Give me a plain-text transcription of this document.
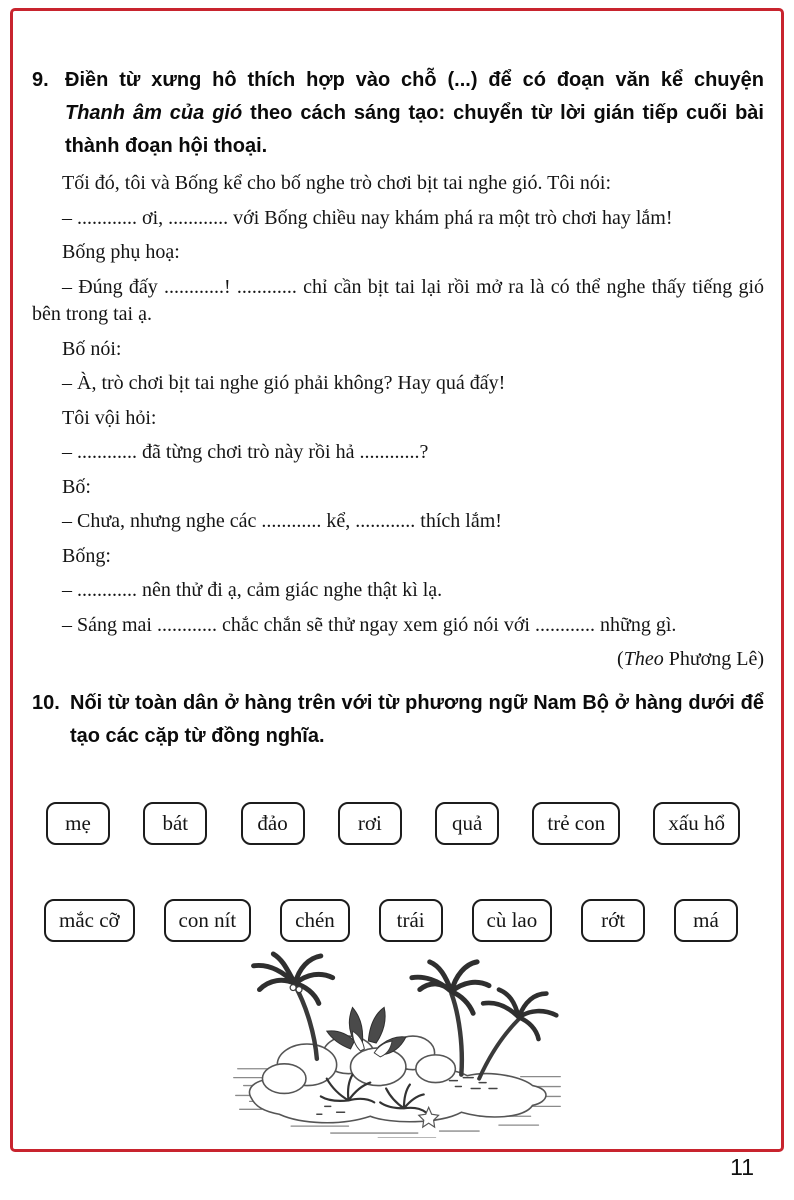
9. Điền từ xưng hô thích hợp vào chỗ (...) để có đoạn văn kể chuyện
Thanh âm của gió theo cách sáng tạo: chuyển từ lời gián tiếp cuối bài thành đoạn hội thoại.

Tối đó, tôi và Bống kể cho bố nghe trò chơi bịt tai nghe gió. Tôi nói:

– ............ ơi, ............ với Bống chiều nay khám phá ra một trò chơi hay lắm!

Bống phụ hoạ:

– Đúng đấy ............! ............ chỉ cần bịt tai lại rồi mở ra là có thể nghe thấy tiếng gió bên trong tai ạ.

Bố nói:

– À, trò chơi bịt tai nghe gió phải không? Hay quá đấy!

Tôi vội hỏi:

– ............ đã từng chơi trò này rồi hả ............?

Bố:

– Chưa, nhưng nghe các ............ kể, ............ thích lắm!

Bống:

– ............ nên thử đi ạ, cảm giác nghe thật kì lạ.

– Sáng mai ............ chắc chắn sẽ thử ngay xem gió nói với ............ những gì.

(Theo Phương Lê)

10. Nối từ toàn dân ở hàng trên với từ phương ngữ Nam Bộ ở hàng dưới để tạo các cặp từ đồng nghĩa.
mẹ	bát	đảo	rơi	quả	trẻ con	xấu hổ
mắc cỡ	con nít	chén	trái	cù lao	rớt	má
11
